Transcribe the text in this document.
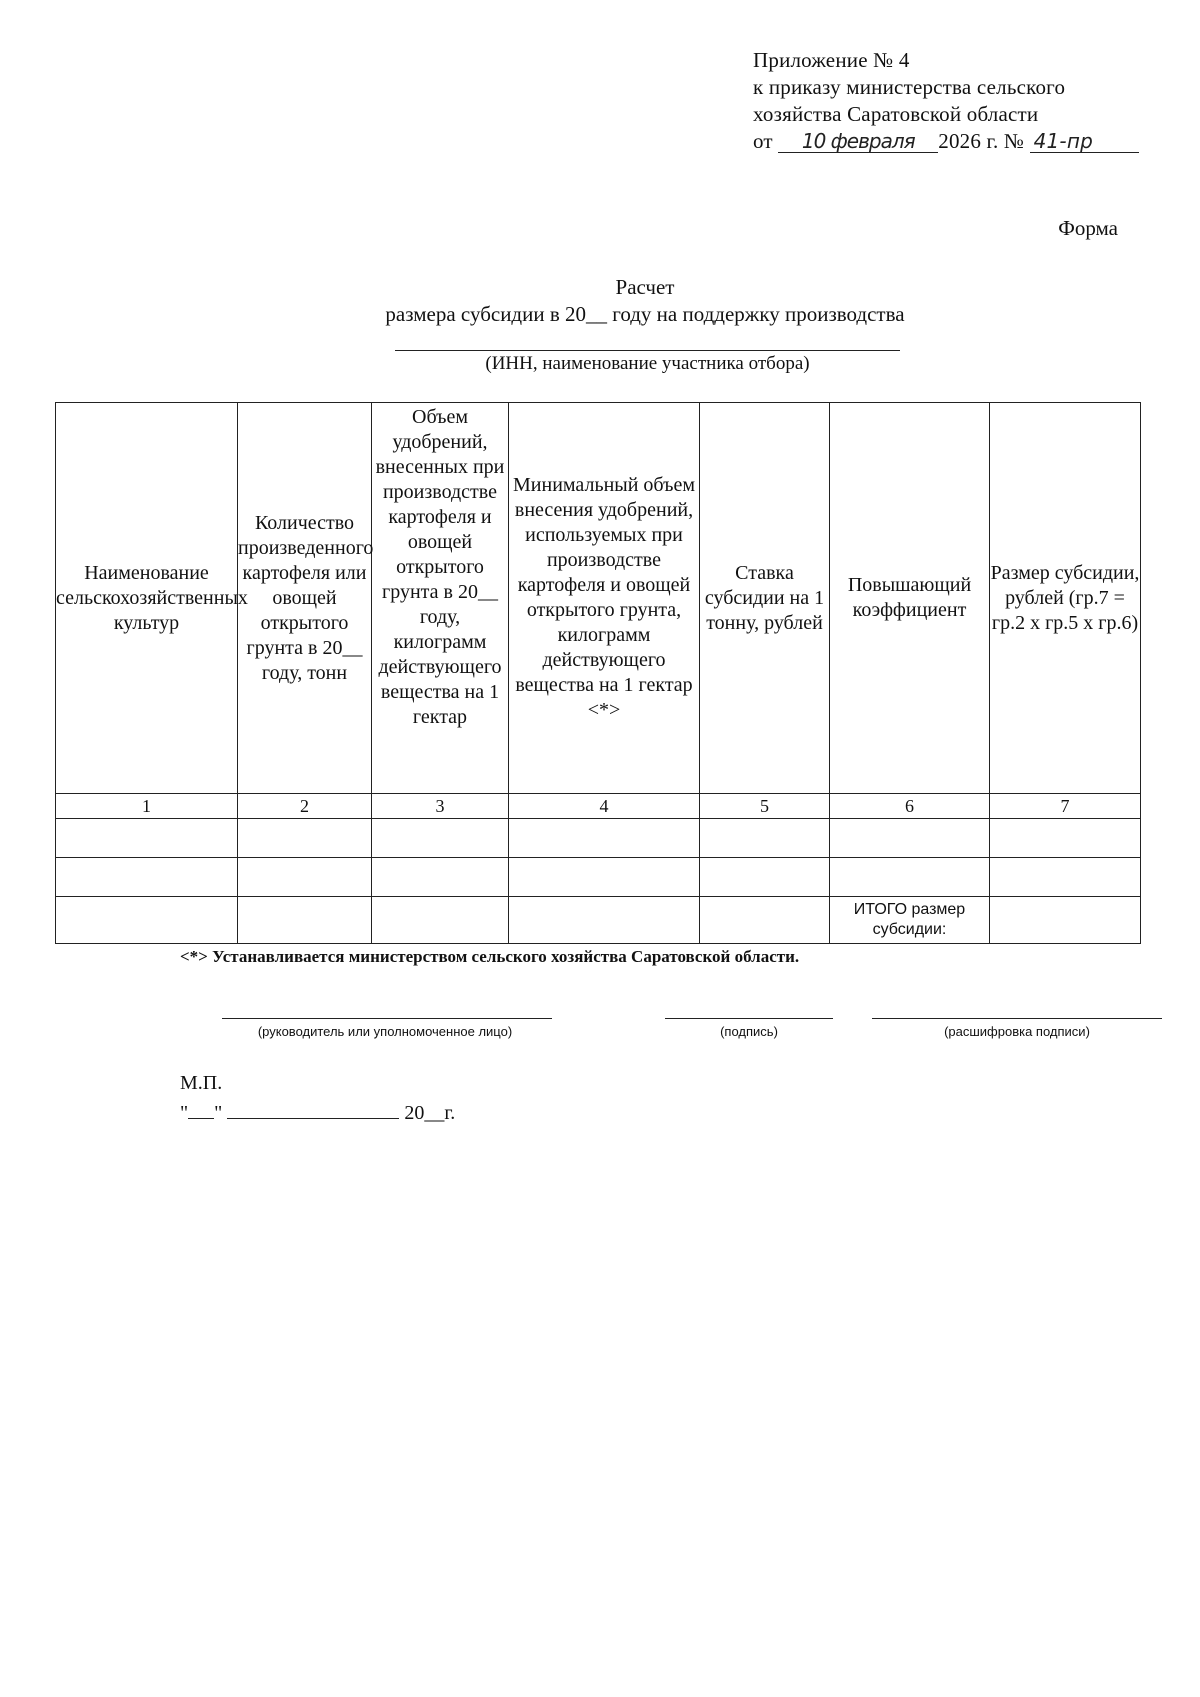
Приложение № 4
к приказу министерства сельского
хозяйства Саратовской области
от 10 февраля 2026 г. № 41-пр
Форма
Расчет
размера субсидии в 20__ году на поддержку производства
(ИНН, наименование участника отбора)
Наименование сельскохозяйственных культур	Количество произведенного картофеля или овощей открытого грунта в 20__ году, тонн	Объем удобрений, внесенных при производстве картофеля и овощей открытого грунта в 20__ году, килограмм действующего вещества на 1 гектар	Минимальный объем внесения удобрений, используемых при производстве картофеля и овощей открытого грунта, килограмм действующего вещества на 1 гектар <*>	Ставка субсидии на 1 тонну, рублей	Повышающий коэффициент	Размер субсидии, рублей (гр.7 = гр.2 x гр.5 x гр.6)
1	2	3	4	5	6	7

					ИТОГО размер субсидии:	
<*> Устанавливается министерством сельского хозяйства Саратовской области.
(руководитель или уполномоченное лицо)	(подпись)	(расшифровка подписи)
М.П.
" "	20__г.
